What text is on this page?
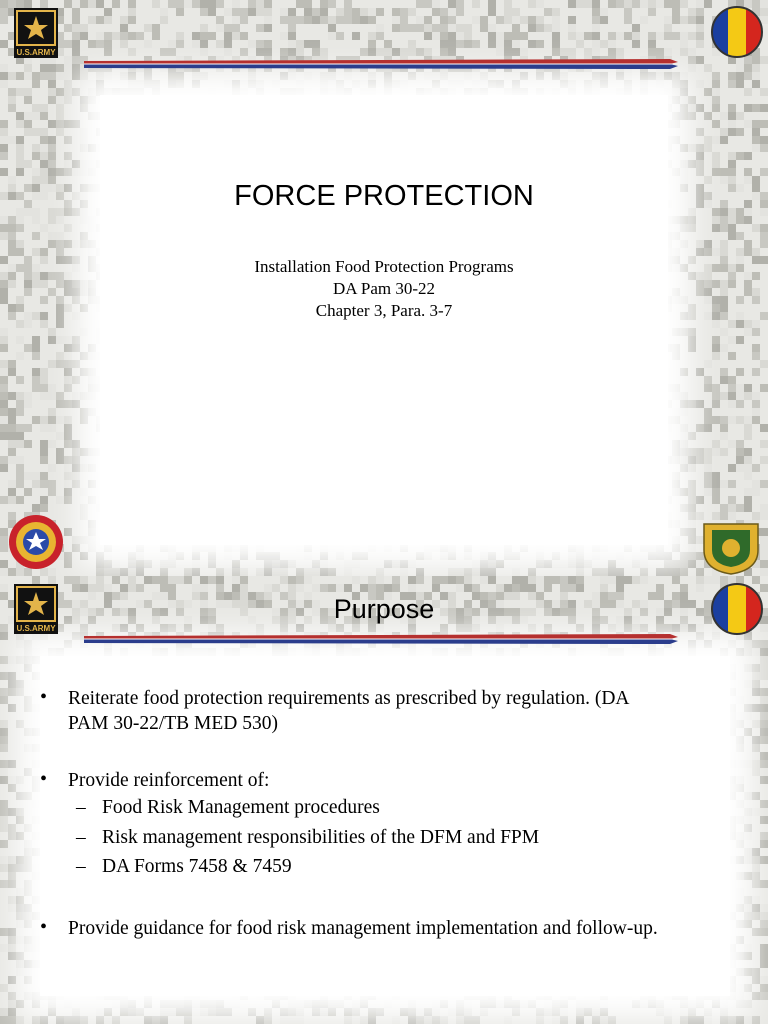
U.S.ARMY
FORCE PROTECTION
Installation Food Protection Programs
DA Pam 30-22
Chapter 3, Para. 3-7
U.S.ARMY
Purpose
• Reiterate food protection requirements as prescribed by regulation. (DA
PAM 30-22/TB MED 530)
• Provide reinforcement of:
– Food Risk Management procedures
– Risk management responsibilities of the DFM and FPM
– DA Forms 7458 & 7459
• Provide guidance for food risk management implementation and follow-up.
